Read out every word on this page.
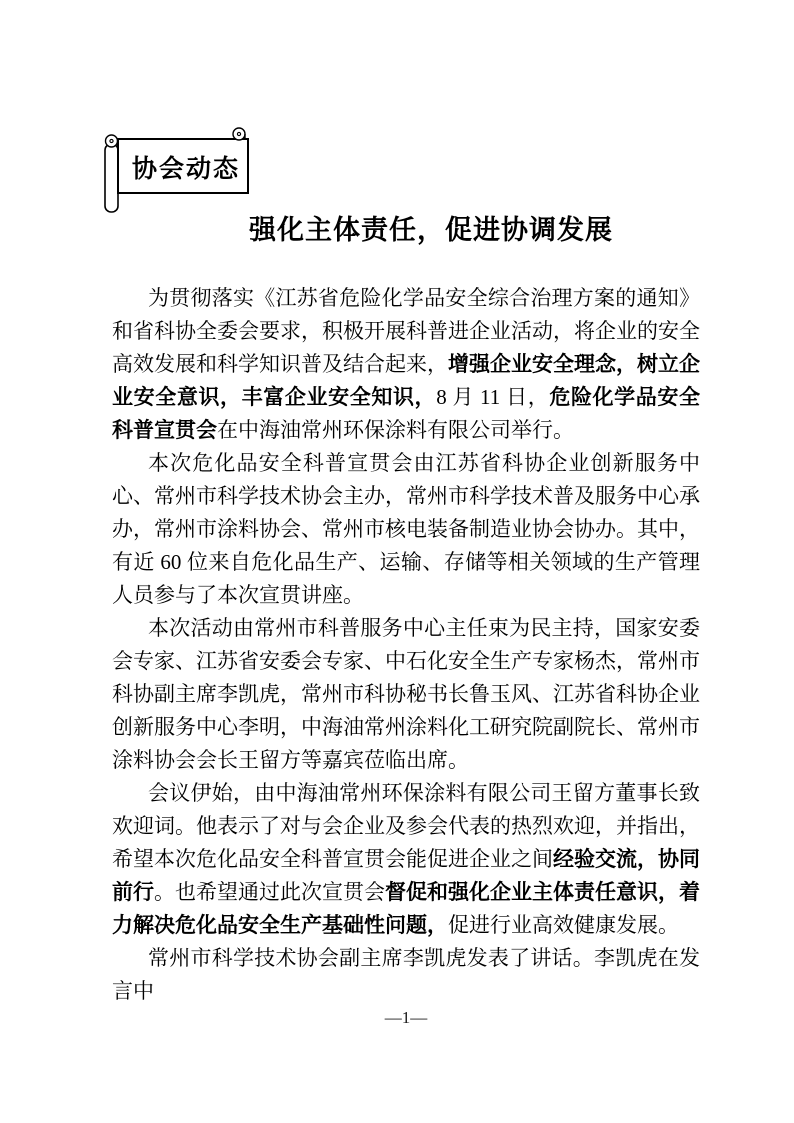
协会动态
强化主体责任，促进协调发展

为贯彻落实《江苏省危险化学品安全综合治理方案的通知》 和省科协全委会要求，积极开展科普进企业活动，将企业的安全高效发展和科学知识普及结合起来，增强企业安全理念，树立企业安全意识，丰富企业安全知识，8 月 11 日，危险化学品安全科普宣贯会在中海油常州环保涂料有限公司举行。

本次危化品安全科普宣贯会由江苏省科协企业创新服务中心、常州市科学技术协会主办，常州市科学技术普及服务中心承办，常州市涂料协会、常州市核电装备制造业协会协办。其中，有近 60 位来自危化品生产、运输、存储等相关领域的生产管理人员参与了本次宣贯讲座。

本次活动由常州市科普服务中心主任束为民主持，国家安委会专家、江苏省安委会专家、中石化安全生产专家杨杰，常州市科协副主席李凯虎，常州市科协秘书长鲁玉风、江苏省科协企业创新服务中心李明，中海油常州涂料化工研究院副院长、常州市涂料协会会长王留方等嘉宾莅临出席。

会议伊始，由中海油常州环保涂料有限公司王留方董事长致欢迎词。他表示了对与会企业及参会代表的热烈欢迎，并指出，希望本次危化品安全科普宣贯会能促进企业之间经验交流，协同前行。也希望通过此次宣贯会督促和强化企业主体责任意识，着力解决危化品安全生产基础性问题，促进行业高效健康发展。

常州市科学技术协会副主席李凯虎发表了讲话。李凯虎在发言中

—1—
